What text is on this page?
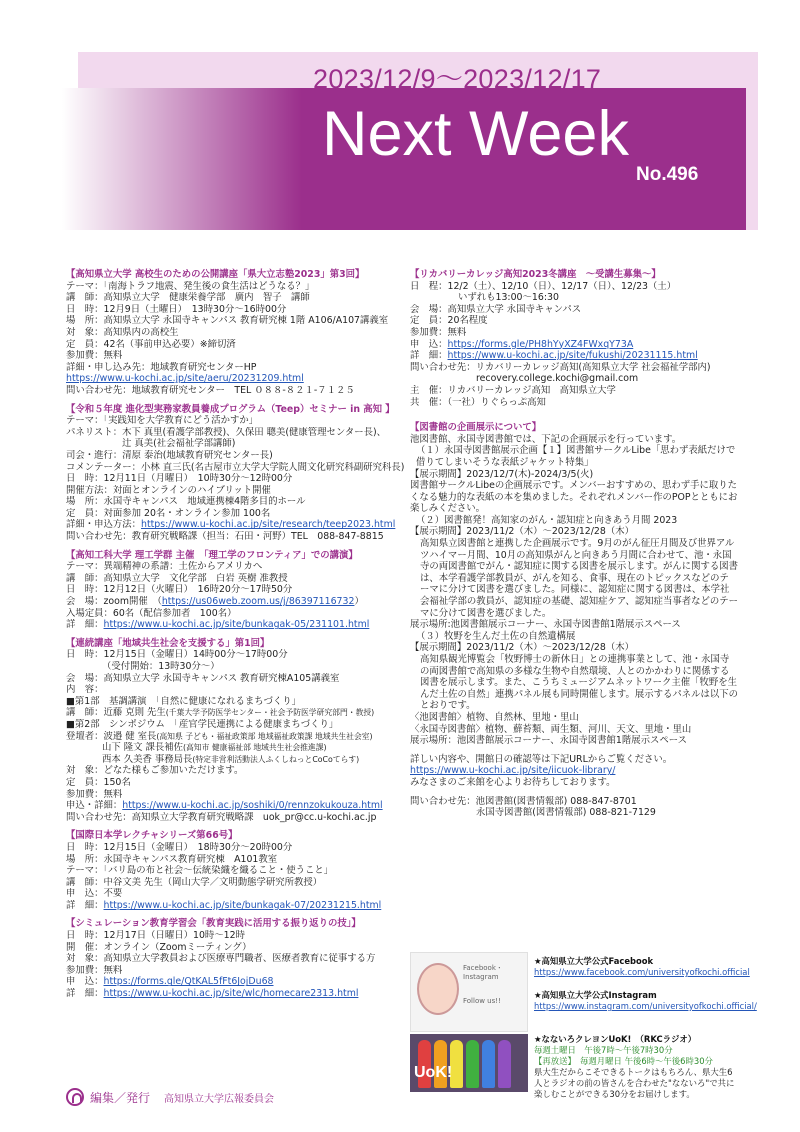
2023/12/9～2023/12/17
Next Week
No.496
【高知県立大学 高校生のための公開講座「県大立志塾2023」第3回】
テーマ：「南海トラフ地震、発生後の食生活はどうなる？」
講　師：高知県立大学　健康栄養学部　廣内　智子　講師
日　時：12月9日（土曜日）　13時30分～16時00分
場　所：高知県立大学 永国寺キャンパス 教育研究棟 1階 A106/A107講義室
対　象：高知県内の高校生
定　員：42名（事前申込必要）※締切済
参加費：無料
詳細・申し込み先：地域教育研究センターHP
https://www.u-kochi.ac.jp/site/aeru/20231209.html
問い合わせ先：地域教育研究センター　TEL ０８８-８２１-７１２５
【令和５年度 進化型実務家教員養成プログラム（Teep）セミナー in 高知 】
テーマ：「実践知を大学教育にどう活かすか」
パネリスト：木下 真里(看護学部教授)、久保田 聰美(健康管理センター長)、
辻 真美(社会福祉学部講師)
司会・進行：清原 泰治(地域教育研究センター長)
コメンテーター：小林 直三氏(名古屋市立大学大学院人間文化研究科副研究科長)
日　時：12月11日（月曜日）　10時30分～12時00分
開催方法：対面とオンラインのハイブリット開催
場　所：永国寺キャンパス　地域連携棟4階多目的ホール
定　員：対面参加 20名・オンライン参加 100名
詳細・申込方法：https://www.u-kochi.ac.jp/site/research/teep2023.html
問い合わせ先：教育研究戦略課（担当：石田・河野）TEL　088-847-8815
【高知工科大学 理工学群 主催　「理工学のフロンティア」での講演】
テーマ：異端精神の系譜：土佐からアメリカへ
講　師：高知県立大学　文化学部　白岩 英樹 准教授
日　時：12月12日（火曜日）　16時20分～17時50分
会　場：zoom開催　（https://us06web.zoom.us/j/86397116732）
入場定員：60名（配信参加者　100名）
詳　細：https://www.u-kochi.ac.jp/site/bunkagak-05/231101.html
【連続講座「地域共生社会を支援する」第1回】
日　時：12月15日（金曜日）14時00分～17時00分
（受付開始：13時30分～）
会　場：高知県立大学 永国寺キャンパス 教育研究棟A105講義室
内　容：
■第1部　基調講演　「自然に健康になれるまちづくり」
講　師：近藤 克則 先生(千葉大学予防医学センター・社会予防医学研究部門・教授)
■第2部　シンポジウム　「産官学民連携による健康まちづくり」
登壇者：波邉 健 室長(高知県 子ども・福祉政策部 地域福祉政策課 地域共生社会室)
山下 隆文 課長補佐(高知市 健康福祉部 地域共生社会推進課)
西本 久美香 事務局長(特定非営利活動法人ふくしねっとCoCoてらす)
対　象：どなた様もご参加いただけます。
定　員：150名
参加費：無料
申込・詳細：https://www.u-kochi.ac.jp/soshiki/0/rennzokukouza.html
問い合わせ先：高知県立大学教育研究戦略課　uok_pr@cc.u-kochi.ac.jp
【国際日本学レクチャシリーズ第66号】
日　時：12月15日（金曜日）　18時30分～20時00分
場　所：永国寺キャンパス教育研究棟　A101教室
テーマ：「バリ島の布と社会～伝統染織を織ること・使うこと」
講　師：中谷文美 先生（岡山大学／文明動態学研究所教授）
申　込：不要
詳　細：https://www.u-kochi.ac.jp/site/bunkagak-07/20231215.html
【シミュレーション教育学習会「教育実践に活用する振り返りの技」】
日　時：12月17日（日曜日）10時～12時
開　催：オンライン（Zoomミーティング）
対　象：高知県立大学教員および医療専門職者、医療者教育に従事する方
参加費：無料
申　込：https://forms.gle/QtKAL5fFt6JojDu68
詳　細：https://www.u-kochi.ac.jp/site/wlc/homecare2313.html
【リカバリーカレッジ高知2023冬講座　～受講生募集～】
日　程：12/2（土）、12/10（日）、12/17（日）、12/23（土）
いずれも13:00～16:30
会　場：高知県立大学 永国寺キャンパス
定　員：20名程度
参加費：無料
申　込：https://forms.gle/PH8hYyXZ4FWxqY73A
詳　細：https://www.u-kochi.ac.jp/site/fukushi/20231115.html
問い合わせ先：リカバリーカレッジ高知(高知県立大学 社会福祉学部内)
recovery.college.kochi@gmail.com
主　催：リカバリーカレッジ高知　高知県立大学
共　催：（一社）りぐらっぷ高知
【図書館の企画展示について】
池図書館、永国寺図書館では、下記の企画展示を行っています。
（１）永国寺図書館展示企画【１】図書館サークルLibe「思わず表紙だけで借りてしまいそうな表紙ジャケット特集」
【展示期間】2023/12/7(木)-2024/3/5(火)
図書館サークルLibeの企画展示です。メンバーおすすめの、思わず手に取りたくなる魅力的な表紙の本を集めました。それぞれメンバー作のPOPとともにお楽しみください。
（２）図書館発！高知家のがん・認知症と向きあう月間 2023
【展示期間】2023/11/2（木）～2023/12/28（木）
高知県立図書館と連携した企画展示です。9月のがん征圧月間及び世界アルツハイマー月間、10月の高知県がんと向きあう月間に合わせて、池・永国寺の両図書館でがん・認知症に関する図書を展示します。がんに関する図書は、本学看護学部教員が、がんを知る、食事、現在のトピックスなどのテーマに分けて図書を選びました。同様に、認知症に関する図書は、本学社会福祉学部の教員が、認知症の基礎、認知症ケア、認知症当事者などのテーマに分けて図書を選びました。
展示場所:池図書館展示コーナー、永国寺図書館1階展示スペース
（３）牧野を生んだ土佐の自然遺構展
【展示期間】2023/11/2（木）～2023/12/28（木）
高知県観光博覧会「牧野博士の新休日」との連携事業として、池・永国寺の両図書館で高知県の多様な生物や自然環境、人とのかかわりに関係する図書を展示します。また、こうちミュージアムネットワーク主催「牧野を生んだ土佐の自然」連携パネル展も同時開催します。展示するパネルは以下のとおりです。
〈池図書館〉植物、自然林、里地・里山
〈永国寺図書館〉植物、蘚苔類、両生類、河川、天文、里地・里山
展示場所：池図書館展示コーナー、永国寺図書館1階展示スペース
詳しい内容や、開館日の確認等は下記URLからご覧ください。
https://www.u-kochi.ac.jp/site/iicuok-library/
みなさまのご来館を心よりお待ちしております。
問い合わせ先：池図書館(図書情報部) 088-847-8701
永国寺図書館(図書情報部) 088-821-7129
Facebook・Instagram
Follow us!!
UoK!
★高知県立大学公式Facebook
https://www.facebook.com/universityofkochi.official
★高知県立大学公式Instagram
https://www.instagram.com/universityofkochi.official/
★なないろクレヨンUoK!　（RKCラジオ）
毎週土曜日　午後7時～午後7時30分
【再放送】　毎週月曜日 午後6時～午後6時30分
県大生だからこそできるトークはもちろん、県大生6人とラジオの前の皆さんを合わせた"なないろ"で共に楽しむことができる30分をお届けします。
編集／発行 高知県立大学広報委員会
